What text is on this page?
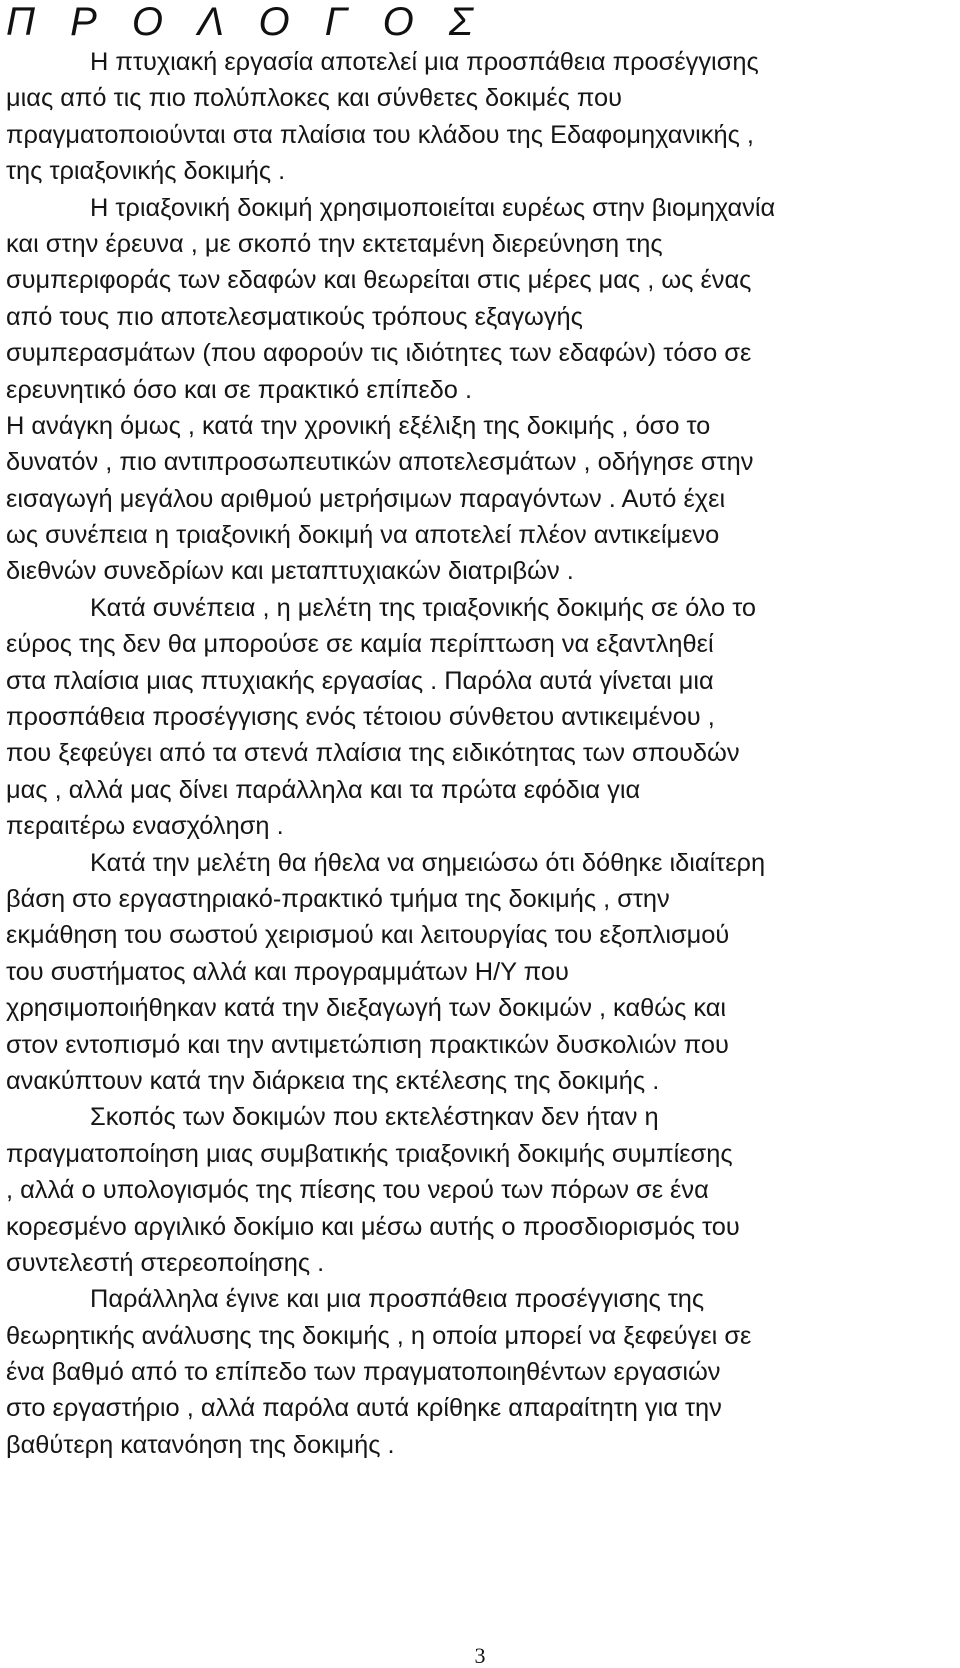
Π Ρ Ο Λ Ο Γ Ο Σ
Η πτυχιακή εργασία αποτελεί μια προσπάθεια προσέγγισης
μιας από τις πιο πολύπλοκες και σύνθετες δοκιμές που
πραγματοποιούνται στα πλαίσια του κλάδου της Εδαφομηχανικής ,
της τριαξονικής δοκιμής .
Η τριαξονική δοκιμή χρησιμοποιείται ευρέως στην βιομηχανία
και στην έρευνα , με σκοπό την εκτεταμένη διερεύνηση της
συμπεριφοράς των εδαφών και θεωρείται στις μέρες μας , ως ένας
από τους πιο αποτελεσματικούς τρόπους εξαγωγής
συμπερασμάτων (που αφορούν τις ιδιότητες των εδαφών) τόσο σε
ερευνητικό όσο και σε πρακτικό επίπεδο .
Η ανάγκη όμως , κατά την χρονική εξέλιξη της δοκιμής , όσο το
δυνατόν , πιο αντιπροσωπευτικών αποτελεσμάτων , οδήγησε στην
εισαγωγή μεγάλου αριθμού μετρήσιμων παραγόντων . Αυτό έχει
ως συνέπεια η τριαξονική δοκιμή να αποτελεί πλέον αντικείμενο
διεθνών συνεδρίων και μεταπτυχιακών διατριβών .
Κατά συνέπεια , η μελέτη της τριαξονικής δοκιμής σε όλο το
εύρος της δεν θα μπορούσε σε καμία περίπτωση να εξαντληθεί
στα πλαίσια μιας πτυχιακής εργασίας . Παρόλα αυτά γίνεται μια
προσπάθεια προσέγγισης ενός τέτοιου σύνθετου αντικειμένου ,
που ξεφεύγει από τα στενά πλαίσια της ειδικότητας των σπουδών
μας , αλλά μας δίνει παράλληλα και τα πρώτα εφόδια για
περαιτέρω ενασχόληση .
Κατά την μελέτη θα ήθελα να σημειώσω ότι δόθηκε ιδιαίτερη
βάση στο εργαστηριακό-πρακτικό τμήμα της δοκιμής , στην
εκμάθηση του σωστού χειρισμού και λειτουργίας του εξοπλισμού
του συστήματος αλλά και προγραμμάτων Η/Υ που
χρησιμοποιήθηκαν κατά την διεξαγωγή των δοκιμών , καθώς και
στον εντοπισμό και την αντιμετώπιση πρακτικών δυσκολιών που
ανακύπτουν κατά την διάρκεια της εκτέλεσης της δοκιμής .
Σκοπός των δοκιμών που εκτελέστηκαν δεν ήταν η
πραγματοποίηση μιας συμβατικής τριαξονική δοκιμής συμπίεσης
, αλλά ο υπολογισμός της πίεσης του νερού των πόρων σε ένα
κορεσμένο αργιλικό δοκίμιο και μέσω αυτής ο προσδιορισμός του
συντελεστή στερεοποίησης .
Παράλληλα έγινε και μια προσπάθεια προσέγγισης της
θεωρητικής ανάλυσης της δοκιμής , η οποία μπορεί να ξεφεύγει σε
ένα βαθμό από το επίπεδο των πραγματοποιηθέντων εργασιών
στο εργαστήριο , αλλά παρόλα αυτά κρίθηκε απαραίτητη για την
βαθύτερη κατανόηση της δοκιμής .
3
